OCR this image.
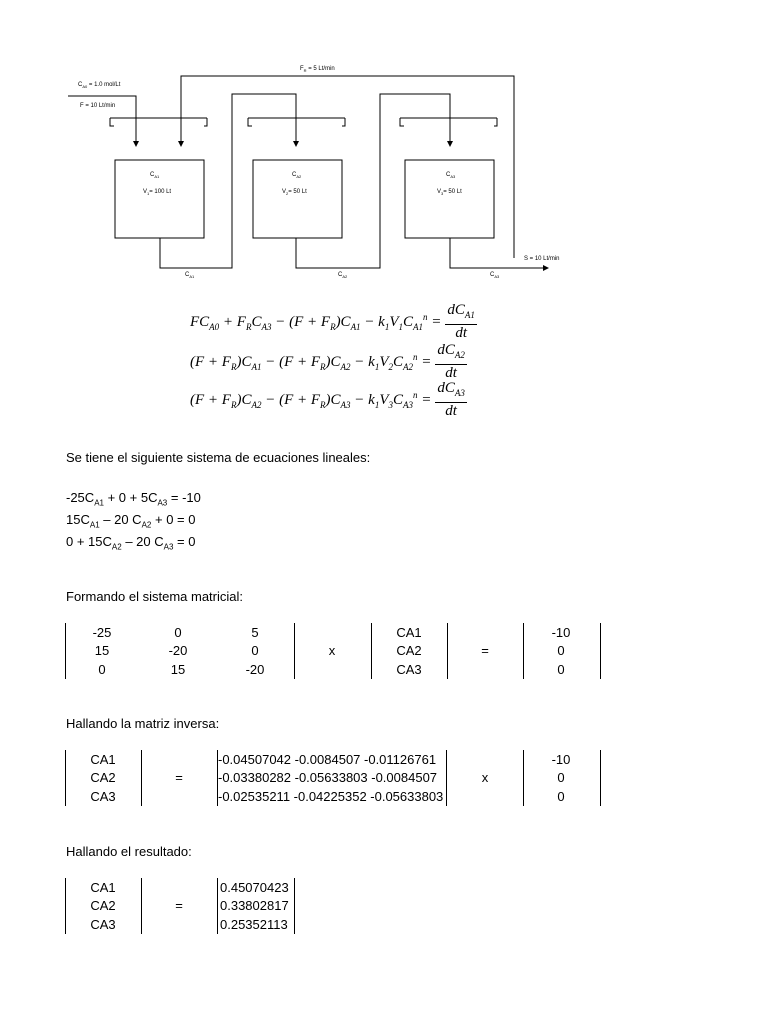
$C_{A0} = 1.0$ mol/Lt
F = 10 Lt/min
$F_R = 5$ Lt/min
S = 10 Lt/min
$C_{A1}$
$V_1= 100$ Lt
$C_{A1}$
$C_{A2}$
$V_2= 50$ Lt
$C_{A2}$
$C_{A3}$
$V_3= 50$ Lt
$C_{A3}$
$FC_{A0} + F_RC_{A3} - (F + F_R)C_{A1} - k_1V_1C_{A1}^n = \frac{dC_{A1}}{dt}$
$(F + F_R)C_{A1} - (F + F_R)C_{A2} - k_1V_2C_{A2}^n = \frac{dC_{A2}}{dt}$
$(F + F_R)C_{A2} - (F + F_R)C_{A3} - k_1V_3C_{A3}^n = \frac{dC_{A3}}{dt}$
Se tiene el siguiente sistema de ecuaciones lineales:
$-25C_{A1} + 0 + 5C_{A3} = -10$
$15C_{A1} - 20$ $C_{A2} + 0 = 0$
$0 + 15C_{A2} - 20$ $C_{A3} = 0$
Formando el sistema matricial:
-25	0	5
15	-20	0
0	15	-20
x
CA1
CA2
CA3
=
-10
0
0
Hallando la matriz inversa:
CA1
CA2
CA3
=
-0.04507042 -0.0084507 -0.01126761
-0.03380282 -0.05633803 -0.0084507
-0.02535211 -0.04225352 -0.05633803
x
-10
0
0
Hallando el resultado:
CA1
CA2
CA3
=
0.45070423
0.33802817
0.25352113
